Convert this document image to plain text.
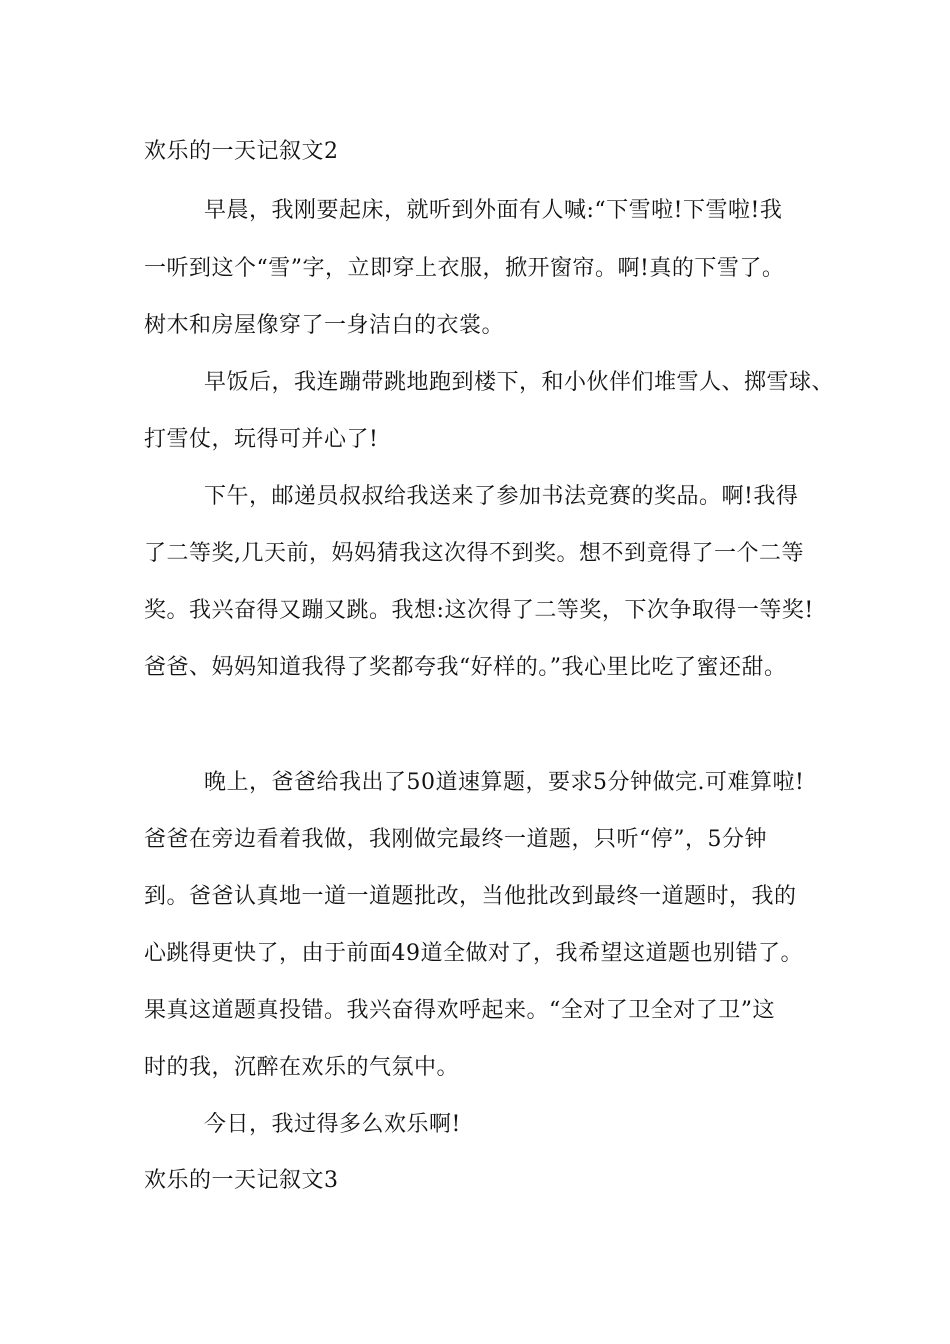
欢乐的一天记叙文2
早晨，我刚要起床，就听到外面有人喊:“下雪啦!下雪啦!我
一听到这个“雪”字，立即穿上衣服，掀开窗帘。啊!真的下雪了。
树木和房屋像穿了一身洁白的衣裳。
早饭后，我连蹦带跳地跑到楼下，和小伙伴们堆雪人、掷雪球、
打雪仗，玩得可并心了!
下午，邮递员叔叔给我送来了参加书法竞赛的奖品。啊!我得
了二等奖,几天前，妈妈猜我这次得不到奖。想不到竟得了一个二等
奖。我兴奋得又蹦又跳。我想:这次得了二等奖，下次争取得一等奖!
爸爸、妈妈知道我得了奖都夸我“好样的。”我心里比吃了蜜还甜。
晚上，爸爸给我出了50道速算题，要求5分钟做完.可难算啦!
爸爸在旁边看着我做，我刚做完最终一道题，只听“停”，5分钟
到。爸爸认真地一道一道题批改，当他批改到最终一道题时，我的
心跳得更快了，由于前面49道全做对了，我希望这道题也别错了。
果真这道题真投错。我兴奋得欢呼起来。“全对了卫全对了卫”这
时的我，沉醉在欢乐的气氛中。
今日，我过得多么欢乐啊!
欢乐的一天记叙文3
